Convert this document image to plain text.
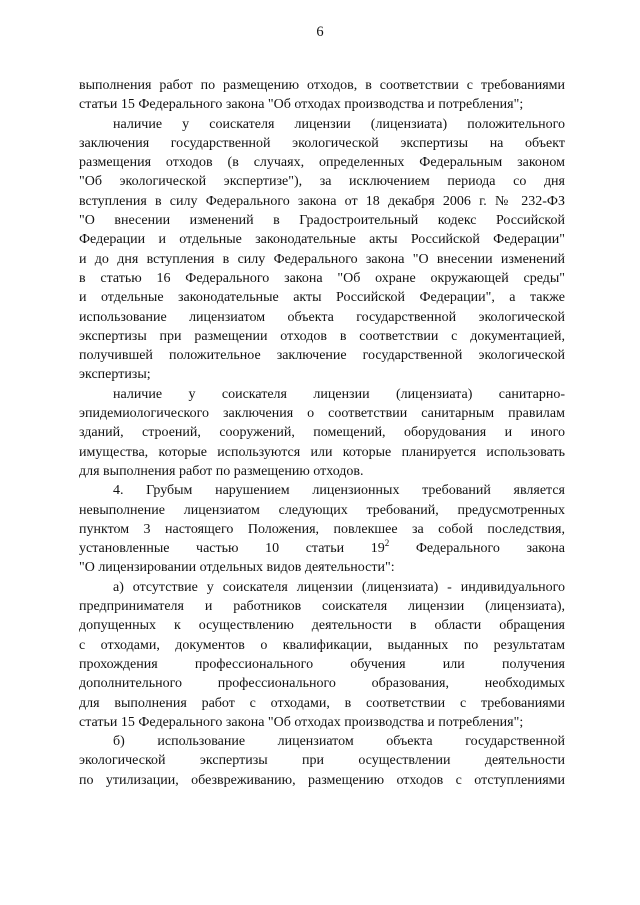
6
выполнения работ по размещению отходов, в соответствии с требованиями
статьи 15 Федерального закона "Об отходах производства и потребления";
наличие у соискателя лицензии (лицензиата) положительного
заключения государственной экологической экспертизы на объект
размещения отходов (в случаях, определенных Федеральным законом
"Об экологической экспертизе"), за исключением периода со дня
вступления в силу Федерального закона от 18 декабря 2006 г. № 232-ФЗ
"О внесении изменений в Градостроительный кодекс Российской
Федерации и отдельные законодательные акты Российской Федерации"
и до дня вступления в силу Федерального закона "О внесении изменений
в статью 16 Федерального закона "Об охране окружающей среды"
и отдельные законодательные акты Российской Федерации", а также
использование лицензиатом объекта государственной экологической
экспертизы при размещении отходов в соответствии с документацией,
получившей положительное заключение государственной экологической
экспертизы;
наличие у соискателя лицензии (лицензиата) санитарно-
эпидемиологического заключения о соответствии санитарным правилам
зданий, строений, сооружений, помещений, оборудования и иного
имущества, которые используются или которые планируется использовать
для выполнения работ по размещению отходов.
4. Грубым нарушением лицензионных требований является
невыполнение лицензиатом следующих требований, предусмотренных
пунктом 3 настоящего Положения, повлекшее за собой последствия,
установленные частью 10 статьи $19^2$ Федерального закона
"О лицензировании отдельных видов деятельности":
а) отсутствие у соискателя лицензии (лицензиата) - индивидуального
предпринимателя и работников соискателя лицензии (лицензиата),
допущенных к осуществлению деятельности в области обращения
с отходами, документов о квалификации, выданных по результатам
прохождения профессионального обучения или получения
дополнительного профессионального образования, необходимых
для выполнения работ с отходами, в соответствии с требованиями
статьи 15 Федерального закона "Об отходах производства и потребления";
б) использование лицензиатом объекта государственной
экологической экспертизы при осуществлении деятельности
по утилизации, обезвреживанию, размещению отходов с отступлениями
